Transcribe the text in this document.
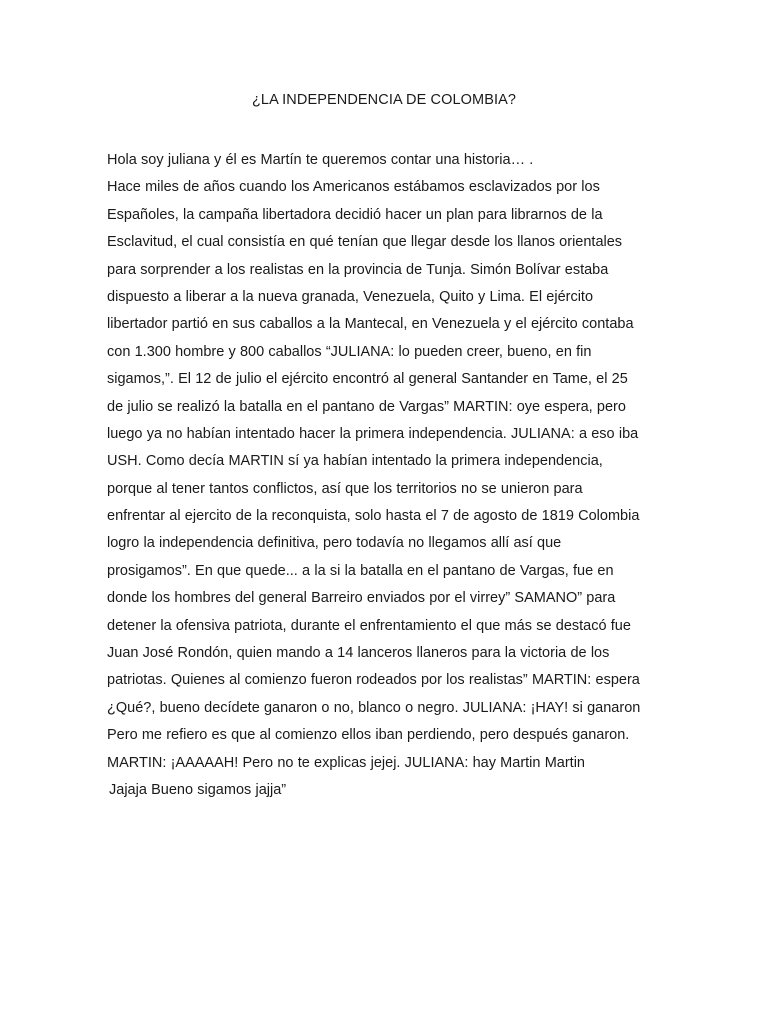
¿LA INDEPENDENCIA DE COLOMBIA?
Hola soy juliana y él es Martín te queremos contar una historia… .
Hace miles de años cuando los Americanos estábamos esclavizados por los
Españoles, la campaña libertadora decidió hacer un plan para librarnos de la
Esclavitud, el cual consistía en qué tenían que llegar desde los llanos orientales
para sorprender a los realistas en la provincia de Tunja. Simón Bolívar estaba
dispuesto a liberar a la nueva granada, Venezuela, Quito y Lima. El ejército
libertador partió en sus caballos a la Mantecal, en Venezuela y el ejército contaba
con 1.300 hombre y 800 caballos “JULIANA: lo pueden creer, bueno, en fin
sigamos,”. El 12 de julio el ejército encontró al general Santander en Tame, el 25
de julio se realizó la batalla en el pantano de Vargas” MARTIN: oye espera, pero
luego ya no habían intentado hacer la primera independencia. JULIANA: a eso iba
USH. Como decía MARTIN sí ya habían intentado la primera independencia,
porque al tener tantos conflictos, así que los territorios no se unieron para
enfrentar al ejercito de la reconquista, solo hasta el 7 de agosto de 1819 Colombia
logro la independencia definitiva, pero todavía no llegamos allí así que
prosigamos”. En que quede... a la si la batalla en el pantano de Vargas, fue en
donde los hombres del general Barreiro enviados por el virrey” SAMANO” para
detener la ofensiva patriota, durante el enfrentamiento el que más se destacó fue
Juan José Rondón, quien mando a 14 lanceros llaneros para la victoria de los
patriotas. Quienes al comienzo fueron rodeados por los realistas” MARTIN: espera
¿Qué?, bueno decídete ganaron o no, blanco o negro. JULIANA: ¡HAY! si ganaron
Pero me refiero es que al comienzo ellos iban perdiendo, pero después ganaron.
MARTIN: ¡AAAAAH! Pero no te explicas jejej. JULIANA: hay Martin Martin
Jajaja Bueno sigamos jajja”
